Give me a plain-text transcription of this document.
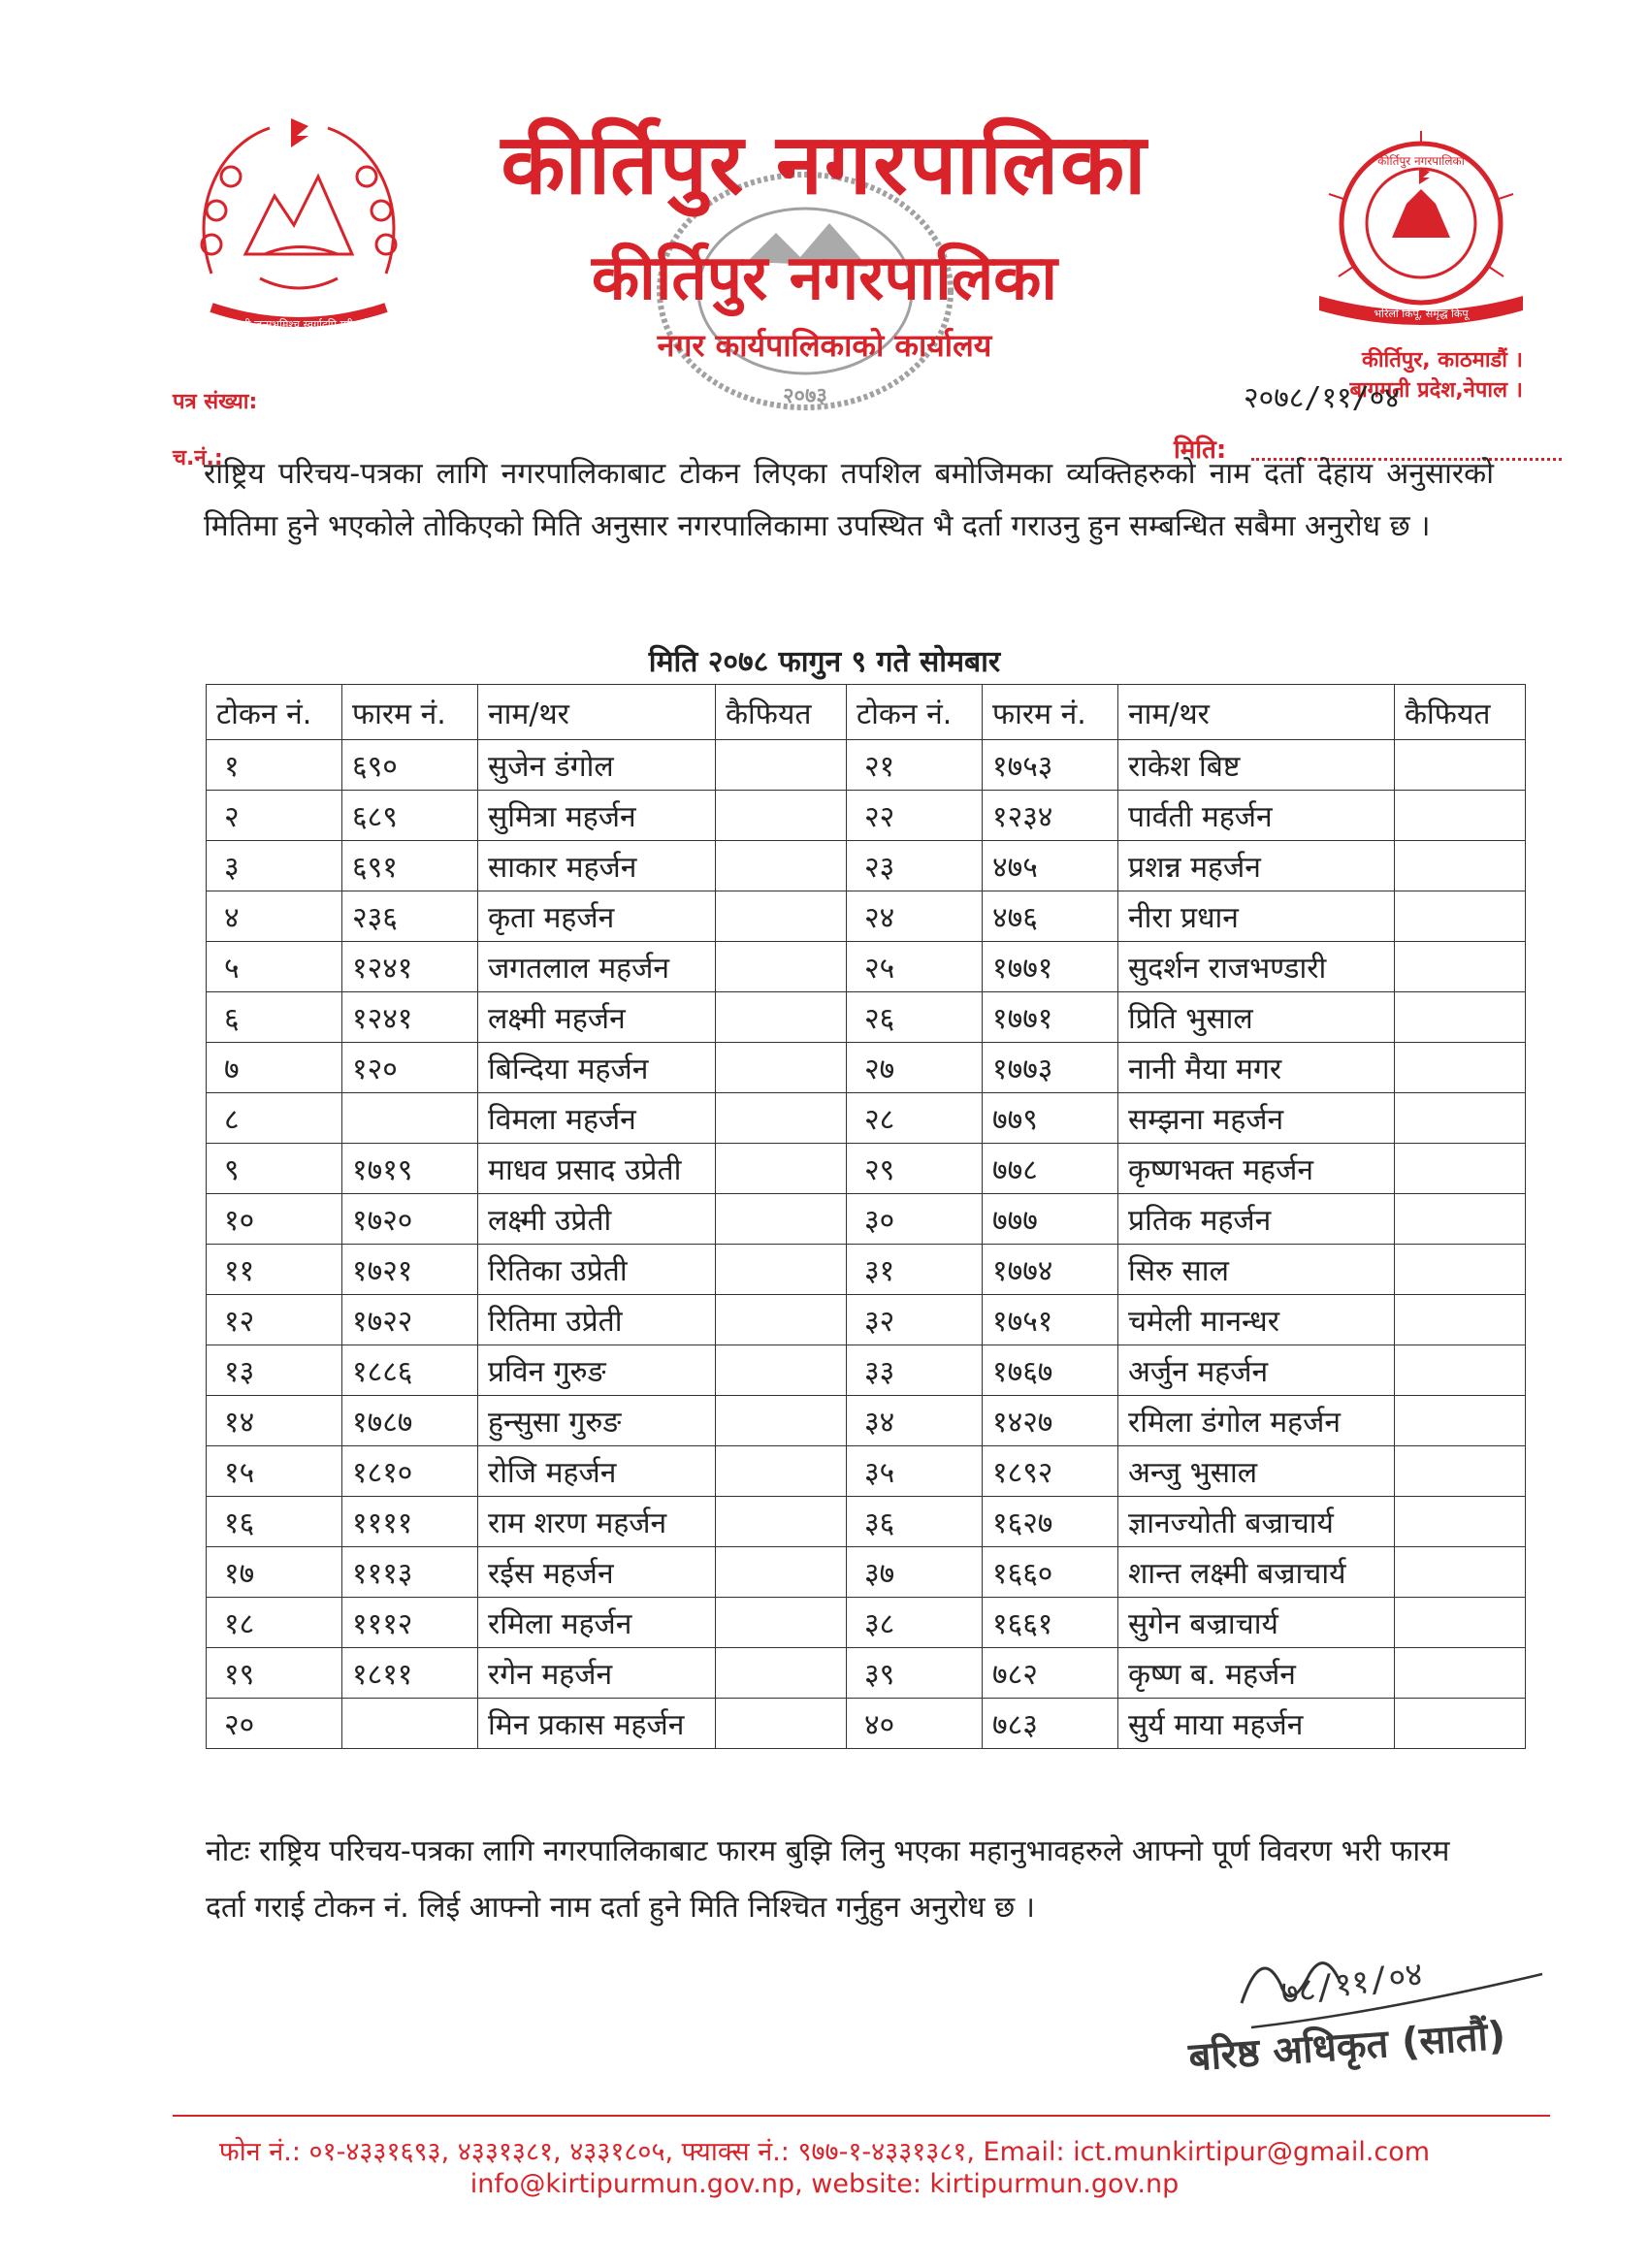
जननी जन्मभूमिश्च स्वर्गादपि गरीयसी
२०७३
भरिलो किपू, समृद्ध किपू
कीर्तिपुर नगरपालिका
कीर्तिपुर नगरपालिका
कीर्तिपुर नगरपालिका
नगर कार्यपालिकाको कार्यालय	कीर्तिपुर, काठमाडौं ।
बागमती प्रदेश,नेपाल ।
पत्र संख्या:
च.नं.:
२०७८/११/०४
मिति:
राष्ट्रिय परिचय-पत्रका लागि नगरपालिकाबाट टोकन लिएका तपशिल बमोजिमका व्यक्तिहरुको नाम दर्ता देहाय अनुसारको मितिमा हुने भएकोले तोकिएको मिति अनुसार नगरपालिकामा उपस्थित भै दर्ता गराउनु हुन सम्बन्धित सबैमा अनुरोध छ ।
मिति २०७८ फागुन ९ गते सोमबार
टोकन नं.	फारम नं.	नाम/थर	कैफियत	टोकन नं.	फारम नं.	नाम/थर	कैफियत
१	६९०	सुजेन डंगोल		२१	१७५३	राकेश बिष्ट	
२	६८९	सुमित्रा महर्जन		२२	१२३४	पार्वती महर्जन	
३	६९१	साकार महर्जन		२३	४७५	प्रशन्न महर्जन	
४	२३६	कृता महर्जन		२४	४७६	नीरा प्रधान	
५	१२४१	जगतलाल महर्जन		२५	१७७१	सुदर्शन राजभण्डारी	
६	१२४१	लक्ष्मी महर्जन		२६	१७७१	प्रिति भुसाल	
७	१२०	बिन्दिया महर्जन		२७	१७७३	नानी मैया मगर	
८		विमला महर्जन		२८	७७९	सम्झना महर्जन	
९	१७१९	माधव प्रसाद उप्रेती		२९	७७८	कृष्णभक्त महर्जन	
१०	१७२०	लक्ष्मी उप्रेती		३०	७७७	प्रतिक महर्जन	
११	१७२१	रितिका उप्रेती		३१	१७७४	सिरु साल	
१२	१७२२	रितिमा उप्रेती		३२	१७५१	चमेली मानन्धर	
१३	१८८६	प्रविन गुरुङ		३३	१७६७	अर्जुन महर्जन	
१४	१७८७	हुन्सुसा गुरुङ		३४	१४२७	रमिला डंगोल महर्जन	
१५	१८१०	रोजि महर्जन		३५	१८९२	अन्जु भुसाल	
१६	११११	राम शरण महर्जन		३६	१६२७	ज्ञानज्योती बज्राचार्य	
१७	१११३	रईस महर्जन		३७	१६६०	शान्त लक्ष्मी बज्राचार्य	
१८	१११२	रमिला महर्जन		३८	१६६१	सुगेन बज्राचार्य	
१९	१८११	रगेन महर्जन		३९	७८२	कृष्ण ब. महर्जन	
२०		मिन प्रकास महर्जन		४०	७८३	सुर्य माया महर्जन	
नोटः राष्ट्रिय परिचय-पत्रका लागि नगरपालिकाबाट फारम बुझि लिनु भएका महानुभावहरुले आफ्नो पूर्ण विवरण भरी फारम दर्ता गराई टोकन नं. लिई आफ्नो नाम दर्ता हुने मिति निश्चित गर्नुहुन अनुरोध छ ।
७८/११/०४
बरिष्ठ अधिकृत (सातौं)
फोन नं.: ०१-४३३१६९३, ४३३१३८१, ४३३१८०५, फ्याक्स नं.: ९७७-१-४३३१३८१, Email: ict.munkirtipur@gmail.com
info@kirtipurmun.gov.np, website: kirtipurmun.gov.np
